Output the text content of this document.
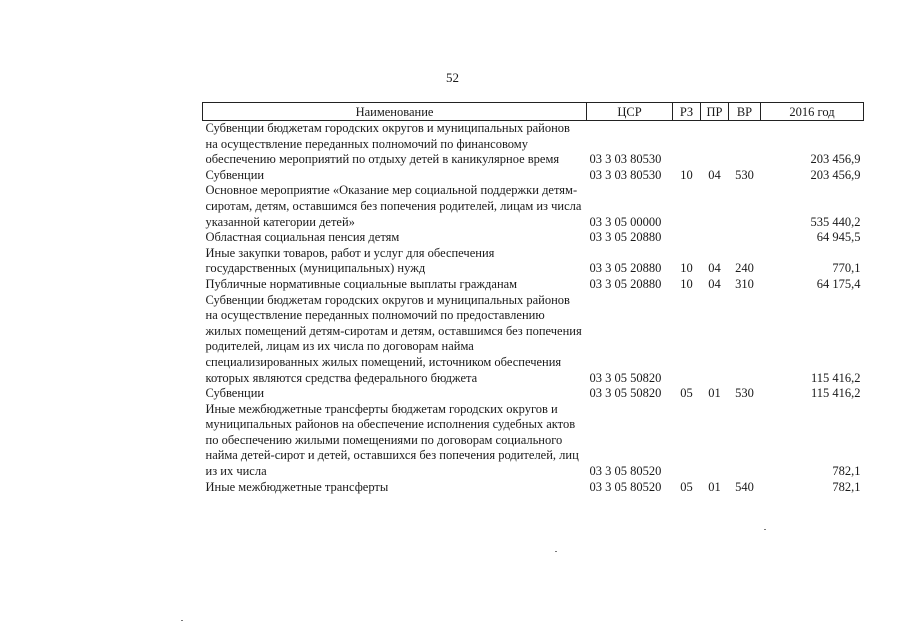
52
Наименование	ЦСР	РЗ	ПР	ВР	2016 год
Субвенции бюджетам городских округов и муниципальных районов на осуществление переданных полномочий по финансовому обеспечению мероприятий по отдыху детей в каникулярное время	03 3 03 80530				203 456,9
Субвенции	03 3 03 80530	10	04	530	203 456,9
Основное мероприятие «Оказание мер социальной поддержки детям-сиротам, детям, оставшимся без попечения родителей, лицам из числа указанной категории детей»	03 3 05 00000				535 440,2
Областная социальная пенсия детям	03 3 05 20880				64 945,5
Иные закупки товаров, работ и услуг для обеспечения государственных (муниципальных) нужд	03 3 05 20880	10	04	240	770,1
Публичные нормативные социальные выплаты гражданам	03 3 05 20880	10	04	310	64 175,4
Субвенции бюджетам городских округов и муниципальных районов на осуществление переданных полномочий по предоставлению жилых помещений детям-сиротам и детям, оставшимся без попечения родителей, лицам из их числа по договорам найма специализированных жилых помещений, источником обеспечения которых являются средства федерального бюджета	03 3 05 50820				115 416,2
Субвенции	03 3 05 50820	05	01	530	115 416,2
Иные межбюджетные трансферты бюджетам городских округов и муниципальных районов на обеспечение исполнения судебных актов по обеспечению жилыми помещениями по договорам социального найма детей-сирот и детей, оставшихся без попечения родителей, лиц из их числа	03 3 05 80520				782,1
Иные межбюджетные трансферты	03 3 05 80520	05	01	540	782,1
